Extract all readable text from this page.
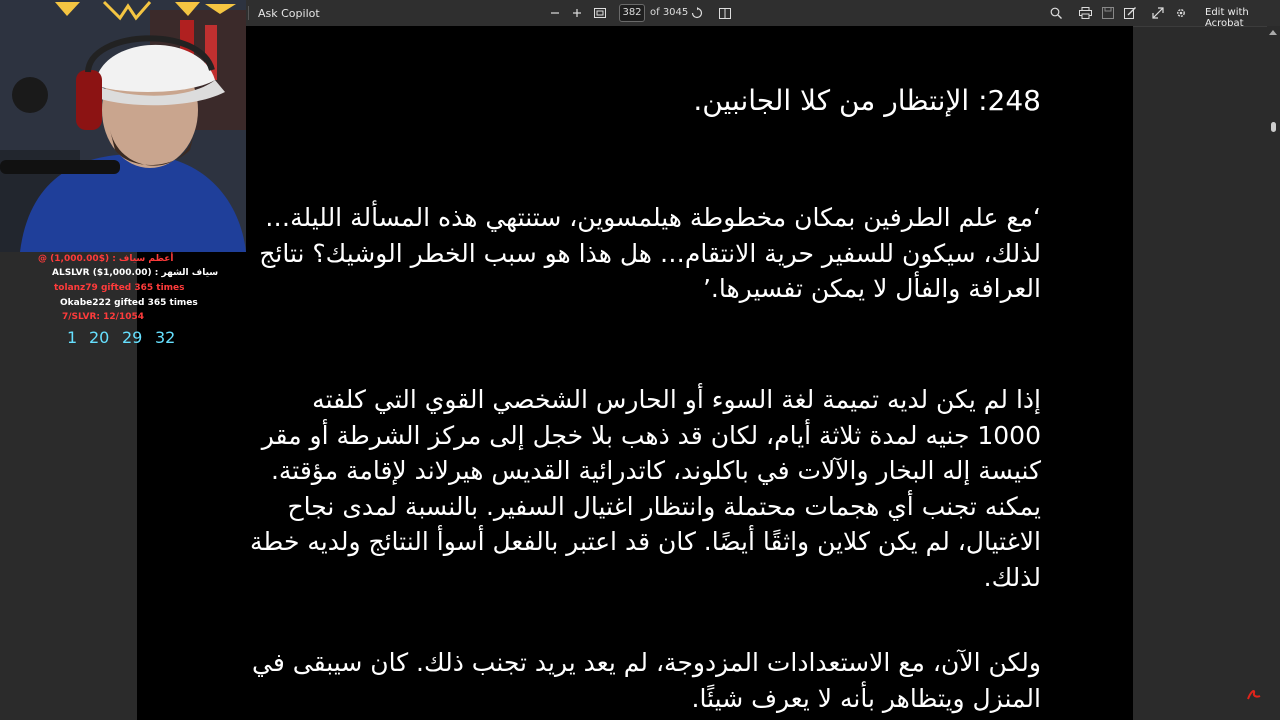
Ask Copilot	382 of 3045	Edit with Acrobat

248: الإنتظار من كلا الجانبين.

‘مع علم الطرفين بمكان مخطوطة هيلمسوين، ستنتهي هذه المسألة الليلة… لذلك، سيكون للسفير حرية الانتقام… هل هذا هو سبب الخطر الوشيك؟ نتائج العرافة والفأل لا يمكن تفسيرها.’

إذا لم يكن لديه تميمة لغة السوء أو الحارس الشخصي القوي التي كلفته 1000 جنيه لمدة ثلاثة أيام، لكان قد ذهب بلا خجل إلى مركز الشرطة أو مقر كنيسة إله البخار والآلات في باكلوند، كاتدرائية القديس هيرلاند لإقامة مؤقتة. يمكنه تجنب أي هجمات محتملة وانتظار اغتيال السفير. بالنسبة لمدى نجاح الاغتيال، لم يكن كلاين واثقًا أيضًا. كان قد اعتبر بالفعل أسوأ النتائج ولديه خطة لذلك.

ولكن الآن، مع الاستعدادات المزدوجة، لم يعد يريد تجنب ذلك. كان سيبقى في المنزل ويتظاهر بأنه لا يعرف شيئًا.

@ أعظم سياف : ($1,000.00)
ALSLVR ($1,000.00) : سياف الشهر
tolanz79 gifted 365 times
Okabe222 gifted 365 times
7/SLVR: 12/1054
1 20 29 32
